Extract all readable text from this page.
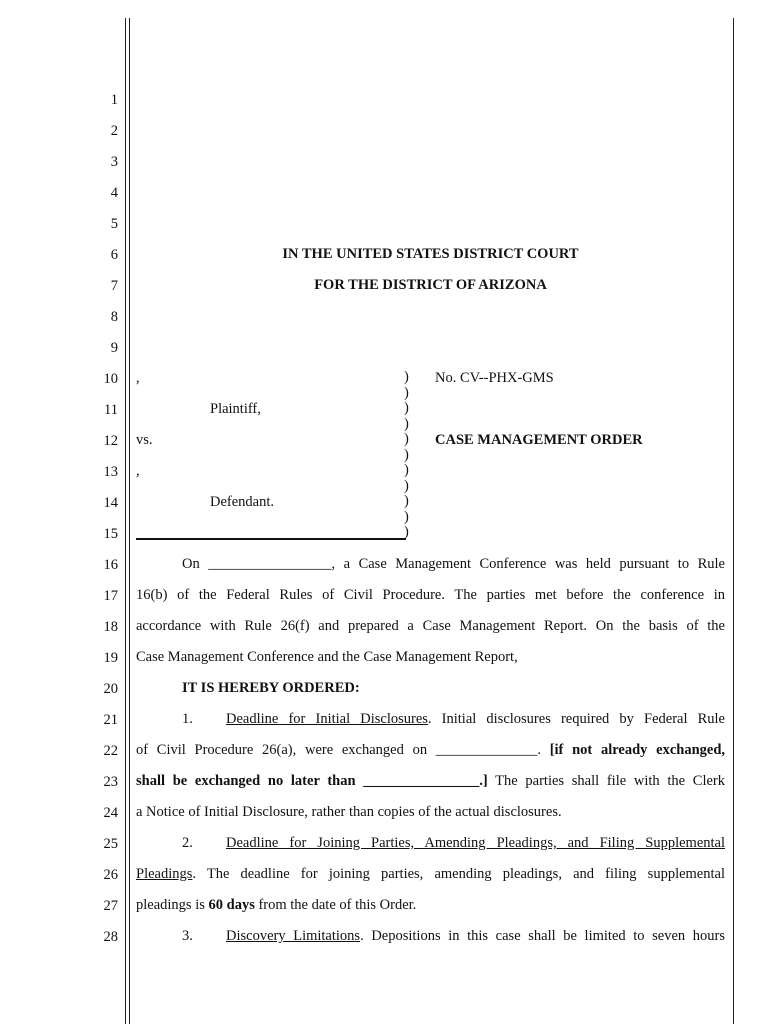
1
2
3
4
5
6
7
8
9
10
11
12
13
14
15
16
17
18
19
20
21
22
23
24
25
26
27
28
IN THE UNITED STATES DISTRICT COURT
FOR THE DISTRICT OF ARIZONA
,
Plaintiff,
vs.
,
Defendant.
)
)
)
)
)
)
)
)
)
)
)
No. CV--PHX-GMS
CASE MANAGEMENT ORDER
On _________________, a Case Management Conference was held pursuant to Rule
16(b) of the Federal Rules of Civil Procedure. The parties met before the conference in
accordance with Rule 26(f) and prepared a Case Management Report. On the basis of the
Case Management Conference and the Case Management Report,
IT IS HEREBY ORDERED:
1. Deadline for Initial Disclosures. Initial disclosures required by Federal Rule
of Civil Procedure 26(a), were exchanged on ______________. [if not already exchanged,
shall be exchanged no later than ________________.] The parties shall file with the Clerk
a Notice of Initial Disclosure, rather than copies of the actual disclosures.
2. Deadline for Joining Parties, Amending Pleadings, and Filing Supplemental
Pleadings. The deadline for joining parties, amending pleadings, and filing supplemental
pleadings is 60 days from the date of this Order.
3. Discovery Limitations. Depositions in this case shall be limited to seven hours
